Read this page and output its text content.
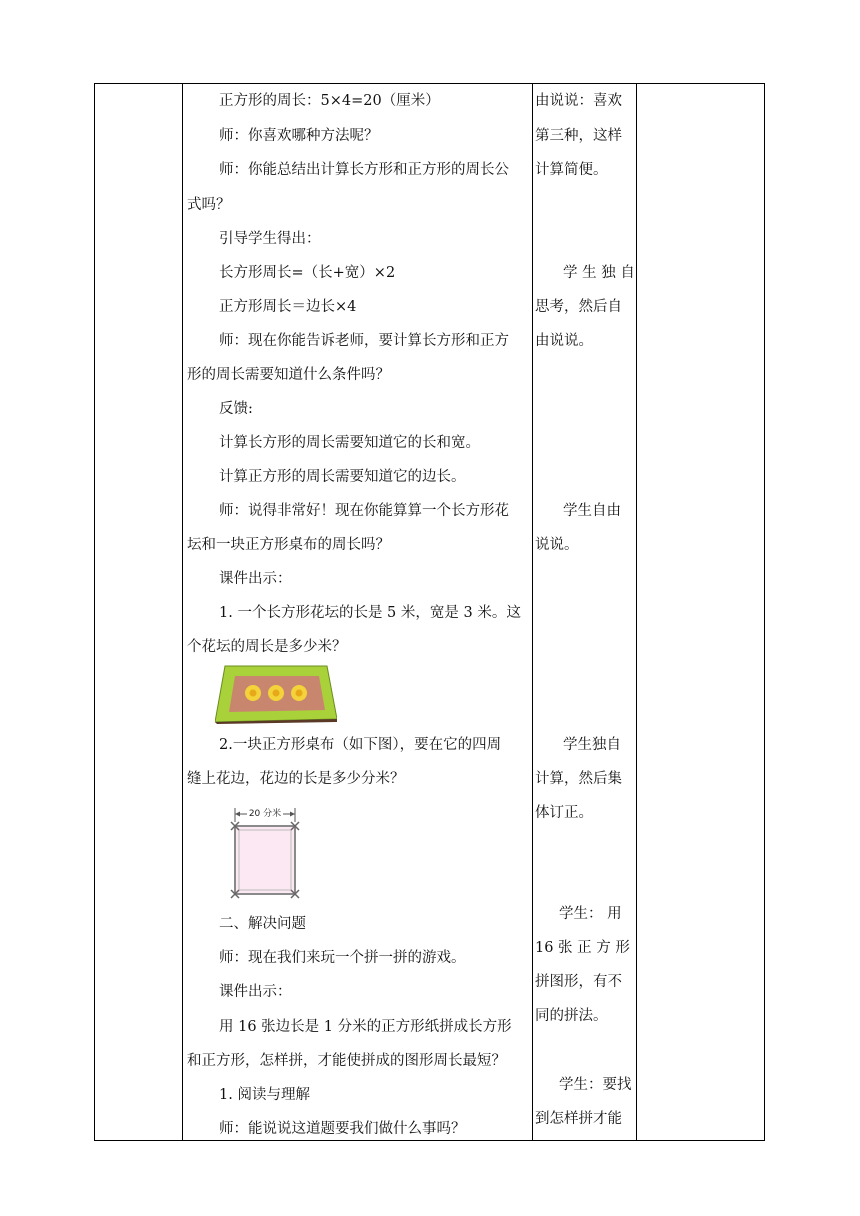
正方形的周长：5×4=20（厘米）
师：你喜欢哪种方法呢？
师：你能总结出计算长方形和正方形的周长公
式吗？
引导学生得出：
长方形周长=（长+宽）×2
正方形周长＝边长×4
师：现在你能告诉老师，要计算长方形和正方
形的周长需要知道什么条件吗？
反馈:
计算长方形的周长需要知道它的长和宽。
计算正方形的周长需要知道它的边长。
师：说得非常好！现在你能算算一个长方形花
坛和一块正方形桌布的周长吗？
课件出示：
1. 一个长方形花坛的长是 5 米，宽是 3 米。这
个花坛的周长是多少米？
2.一块正方形桌布（如下图），要在它的四周
缝上花边，花边的长是多少分米？
二、解决问题
师：现在我们来玩一个拼一拼的游戏。
课件出示：
用 16 张边长是 1 分米的正方形纸拼成长方形
和正方形，怎样拼，才能使拼成的图形周长最短？
1. 阅读与理解
师：能说说这道题要我们做什么事吗？
20 分米
由说说：喜欢
第三种，这样
计算简便。
学 生 独 自
思考，然后自
由说说。
学生自由
说说。
学生独自
计算，然后集
体订正。
学生： 用
16 张 正 方 形
拼图形，有不
同的拼法。
学生：要找
到怎样拼才能
